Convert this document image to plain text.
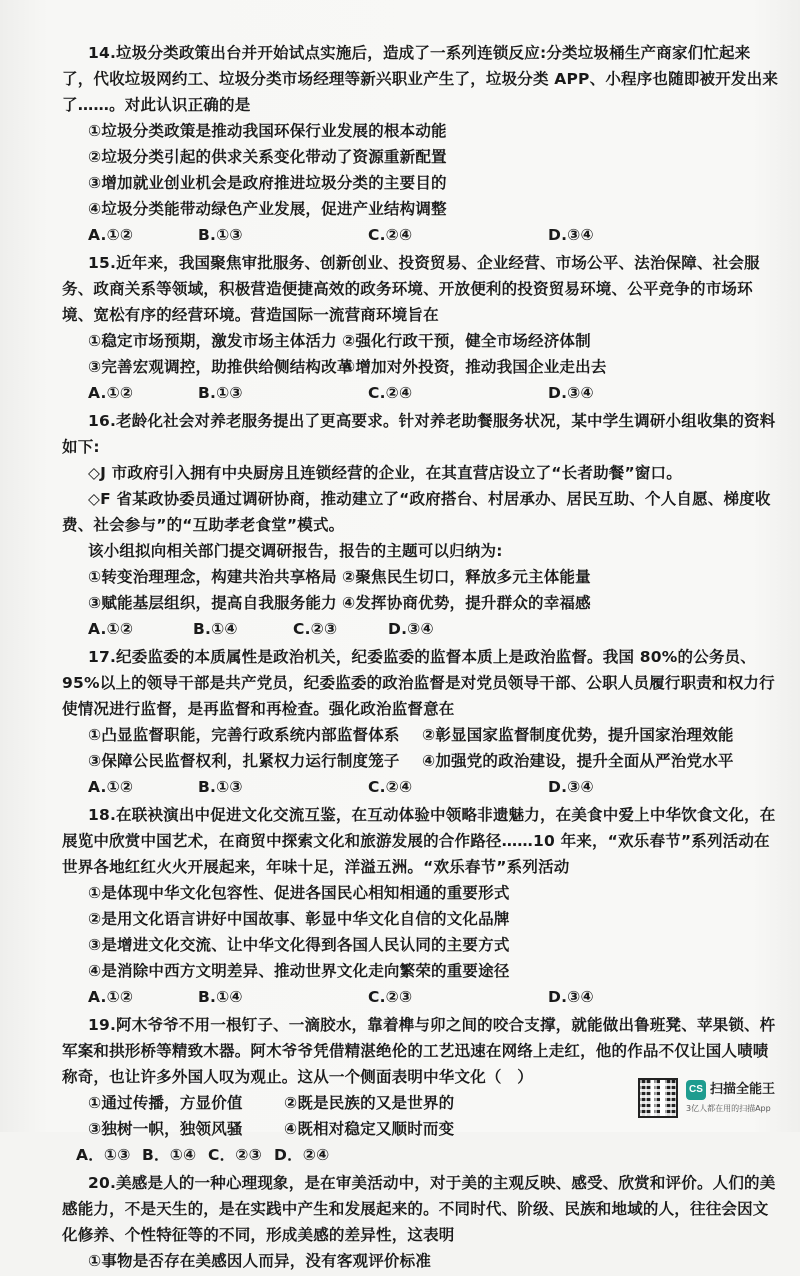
14.垃圾分类政策出台并开始试点实施后，造成了一系列连锁反应:分类垃圾桶生产商家们忙起来了，代收垃圾网约工、垃圾分类市场经理等新兴职业产生了，垃圾分类 APP、小程序也随即被开发出来了……。对此认识正确的是

①垃圾分类政策是推动我国环保行业发展的根本动能

②垃圾分类引起的供求关系变化带动了资源重新配置

③增加就业创业机会是政府推进垃圾分类的主要目的

④垃圾分类能带动绿色产业发展，促进产业结构调整

A.①②	B.①③	C.②④	D.③④

15.近年来，我国聚焦审批服务、创新创业、投资贸易、企业经营、市场公平、法治保障、社会服务、政商关系等领域，积极营造便捷高效的政务环境、开放便利的投资贸易环境、公平竞争的市场环境、宽松有序的经营环境。营造国际一流营商环境旨在

①稳定市场预期，激发市场主体活力 ②强化行政干预，健全市场经济体制

③完善宏观调控，助推供给侧结构改革④增加对外投资，推动我国企业走出去

A.①②	B.①③	C.②④	D.③④

16.老龄化社会对养老服务提出了更高要求。针对养老助餐服务状况，某中学生调研小组收集的资料如下:

◇J 市政府引入拥有中央厨房且连锁经营的企业，在其直营店设立了“长者助餐”窗口。

◇F 省某政协委员通过调研协商，推动建立了“政府搭台、村居承办、居民互助、个人自愿、梯度收费、社会参与”的“互助孝老食堂”模式。

该小组拟向相关部门提交调研报告，报告的主题可以归纳为:

①转变治理理念，构建共治共享格局 ②聚焦民生切口，释放多元主体能量

③赋能基层组织，提高自我服务能力 ④发挥协商优势，提升群众的幸福感

A.①②	B.①④	C.②③	D.③④

17.纪委监委的本质属性是政治机关，纪委监委的监督本质上是政治监督。我国 80%的公务员、95%以上的领导干部是共产党员，纪委监委的政治监督是对党员领导干部、公职人员履行职责和权力行使情况进行监督，是再监督和再检查。强化政治监督意在

①凸显监督职能，完善行政系统内部监督体系 ②彰显国家监督制度优势，提升国家治理效能

③保障公民监督权利，扎紧权力运行制度笼子 ④加强党的政治建设，提升全面从严治党水平

A.①②	B.①③	C.②④	D.③④

18.在联袂演出中促进文化交流互鉴，在互动体验中领略非遗魅力，在美食中爱上中华饮食文化，在展览中欣赏中国艺术，在商贸中探索文化和旅游发展的合作路径……10 年来，“欢乐春节”系列活动在世界各地红红火火开展起来，年味十足，洋溢五洲。“欢乐春节”系列活动

①是体现中华文化包容性、促进各国民心相知相通的重要形式

②是用文化语言讲好中国故事、彰显中华文化自信的文化品牌

③是增进文化交流、让中华文化得到各国人民认同的主要方式

④是消除中西方文明差异、推动世界文化走向繁荣的重要途径

A.①②	B.①④	C.②③	D.③④

19.阿木爷爷不用一根钉子、一滴胶水，靠着榫与卯之间的咬合支撑，就能做出鲁班凳、苹果锁、杵军案和拱形桥等精致木器。阿木爷爷凭借精湛绝伦的工艺迅速在网络上走红，他的作品不仅让国人啧啧称奇，也让许多外国人叹为观止。这从一个侧面表明中华文化（　）

①通过传播，方显价值	②既是民族的又是世界的

③独树一帜，独领风骚	④既相对稳定又顺时而变

A．①③ B．①④ C．②③ D．②④

20.美感是人的一种心理现象，是在审美活动中，对于美的主观反映、感受、欣赏和评价。人们的美感能力，不是天生的，是在实践中产生和发展起来的。不同时代、阶级、民族和地域的人，往往会因文化修养、个性特征等的不同，形成美感的差异性，这表明

①事物是否存在美感因人而异，没有客观评价标准

CS 扫描全能王
3亿人都在用的扫描App
